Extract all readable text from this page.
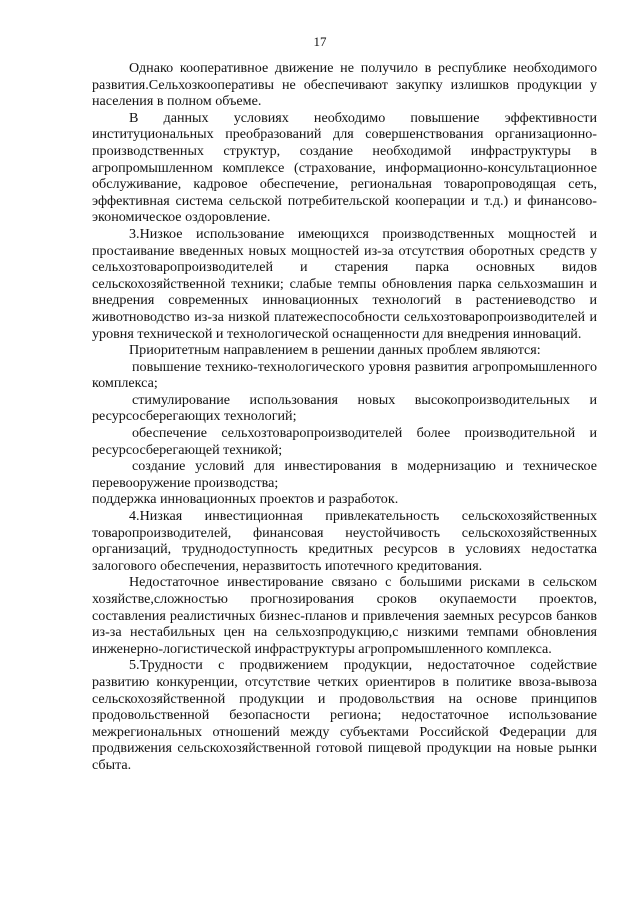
17

Однако кооперативное движение не получило в республике необходимого развития.Сельхозкооперативы не обеспечивают закупку излишков продукции у населения в полном объеме.

В данных условиях необходимо повышение эффективности институциональных преобразований для совершенствования организационно-производственных структур, создание необходимой инфраструктуры в агропромышленном комплексе (страхование, информационно-консультационное обслуживание, кадровое обеспечение, региональная товаропроводящая сеть, эффективная система сельской потребительской кооперации и т.д.) и финансово-экономическое оздоровление.

3.Низкое использование имеющихся производственных мощностей и простаивание введенных новых мощностей из-за отсутствия оборотных средств у сельхозтоваропроизводителей и старения парка основных видов сельскохозяйственной техники; слабые темпы обновления парка сельхозмашин и внедрения современных инновационных технологий в растениеводство и животноводство из-за низкой платежеспособности сельхозтоваропроизводителей и уровня технической и технологической оснащенности для внедрения инноваций.

Приоритетным направлением в решении данных проблем являются:

повышение технико-технологического уровня развития агропромышленного комплекса;

стимулирование использования новых высокопроизводительных и ресурсосберегающих технологий;

обеспечение сельхозтоваропроизводителей более производительной и ресурсосберегающей техникой;

создание условий для инвестирования в модернизацию и техническое перевооружение производства;

поддержка инновационных проектов и разработок.

4.Низкая инвестиционная привлекательность сельскохозяйственных товаропроизводителей, финансовая неустойчивость сельскохозяйственных организаций, труднодоступность кредитных ресурсов в условиях недостатка залогового обеспечения, неразвитость ипотечного кредитования.

Недостаточное инвестирование связано с большими рисками в сельском хозяйстве,сложностью прогнозирования сроков окупаемости проектов, составления реалистичных бизнес-планов и привлечения заемных ресурсов банков из-за нестабильных цен на сельхозпродукцию,с низкими темпами обновления инженерно-логистической инфраструктуры агропромышленного комплекса.

5.Трудности с продвижением продукции, недостаточное содействие развитию конкуренции, отсутствие четких ориентиров в политике ввоза-вывоза сельскохозяйственной продукции и продовольствия на основе принципов продовольственной безопасности региона; недостаточное использование межрегиональных отношений между субъектами Российской Федерации для продвижения сельскохозяйственной готовой пищевой продукции на новые рынки сбыта.
